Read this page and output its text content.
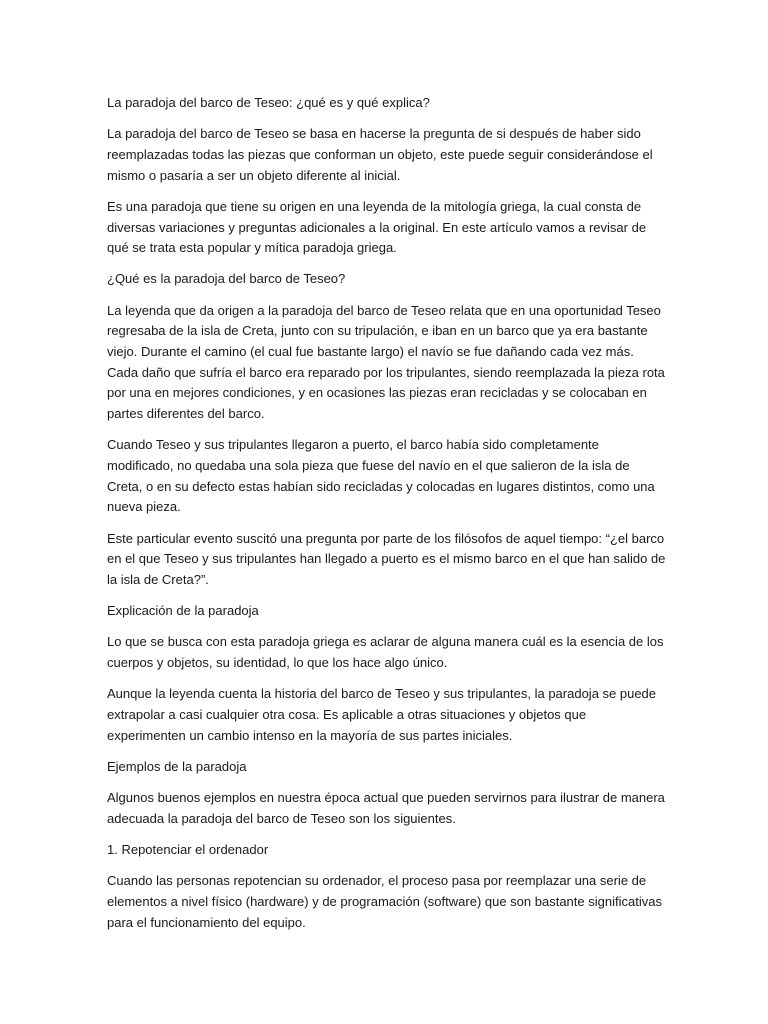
La paradoja del barco de Teseo: ¿qué es y qué explica?

La paradoja del barco de Teseo se basa en hacerse la pregunta de si después de haber sido reemplazadas todas las piezas que conforman un objeto, este puede seguir considerándose el mismo o pasaría a ser un objeto diferente al inicial.

Es una paradoja que tiene su origen en una leyenda de la mitología griega, la cual consta de diversas variaciones y preguntas adicionales a la original. En este artículo vamos a revisar de qué se trata esta popular y mítica paradoja griega.

¿Qué es la paradoja del barco de Teseo?

La leyenda que da origen a la paradoja del barco de Teseo relata que en una oportunidad Teseo regresaba de la isla de Creta, junto con su tripulación, e iban en un barco que ya era bastante viejo. Durante el camino (el cual fue bastante largo) el navío se fue dañando cada vez más. Cada daño que sufría el barco era reparado por los tripulantes, siendo reemplazada la pieza rota por una en mejores condiciones, y en ocasiones las piezas eran recicladas y se colocaban en partes diferentes del barco.

Cuando Teseo y sus tripulantes llegaron a puerto, el barco había sido completamente modificado, no quedaba una sola pieza que fuese del navío en el que salieron de la isla de Creta, o en su defecto estas habían sido recicladas y colocadas en lugares distintos, como una nueva pieza.

Este particular evento suscitó una pregunta por parte de los filósofos de aquel tiempo: “¿el barco en el que Teseo y sus tripulantes han llegado a puerto es el mismo barco en el que han salido de la isla de Creta?”.

Explicación de la paradoja

Lo que se busca con esta paradoja griega es aclarar de alguna manera cuál es la esencia de los cuerpos y objetos, su identidad, lo que los hace algo único.

Aunque la leyenda cuenta la historia del barco de Teseo y sus tripulantes, la paradoja se puede extrapolar a casi cualquier otra cosa. Es aplicable a otras situaciones y objetos que experimenten un cambio intenso en la mayoría de sus partes iniciales.

Ejemplos de la paradoja

Algunos buenos ejemplos en nuestra época actual que pueden servirnos para ilustrar de manera adecuada la paradoja del barco de Teseo son los siguientes.

1. Repotenciar el ordenador

Cuando las personas repotencian su ordenador, el proceso pasa por reemplazar una serie de elementos a nivel físico (hardware) y de programación (software) que son bastante significativas para el funcionamiento del equipo.
